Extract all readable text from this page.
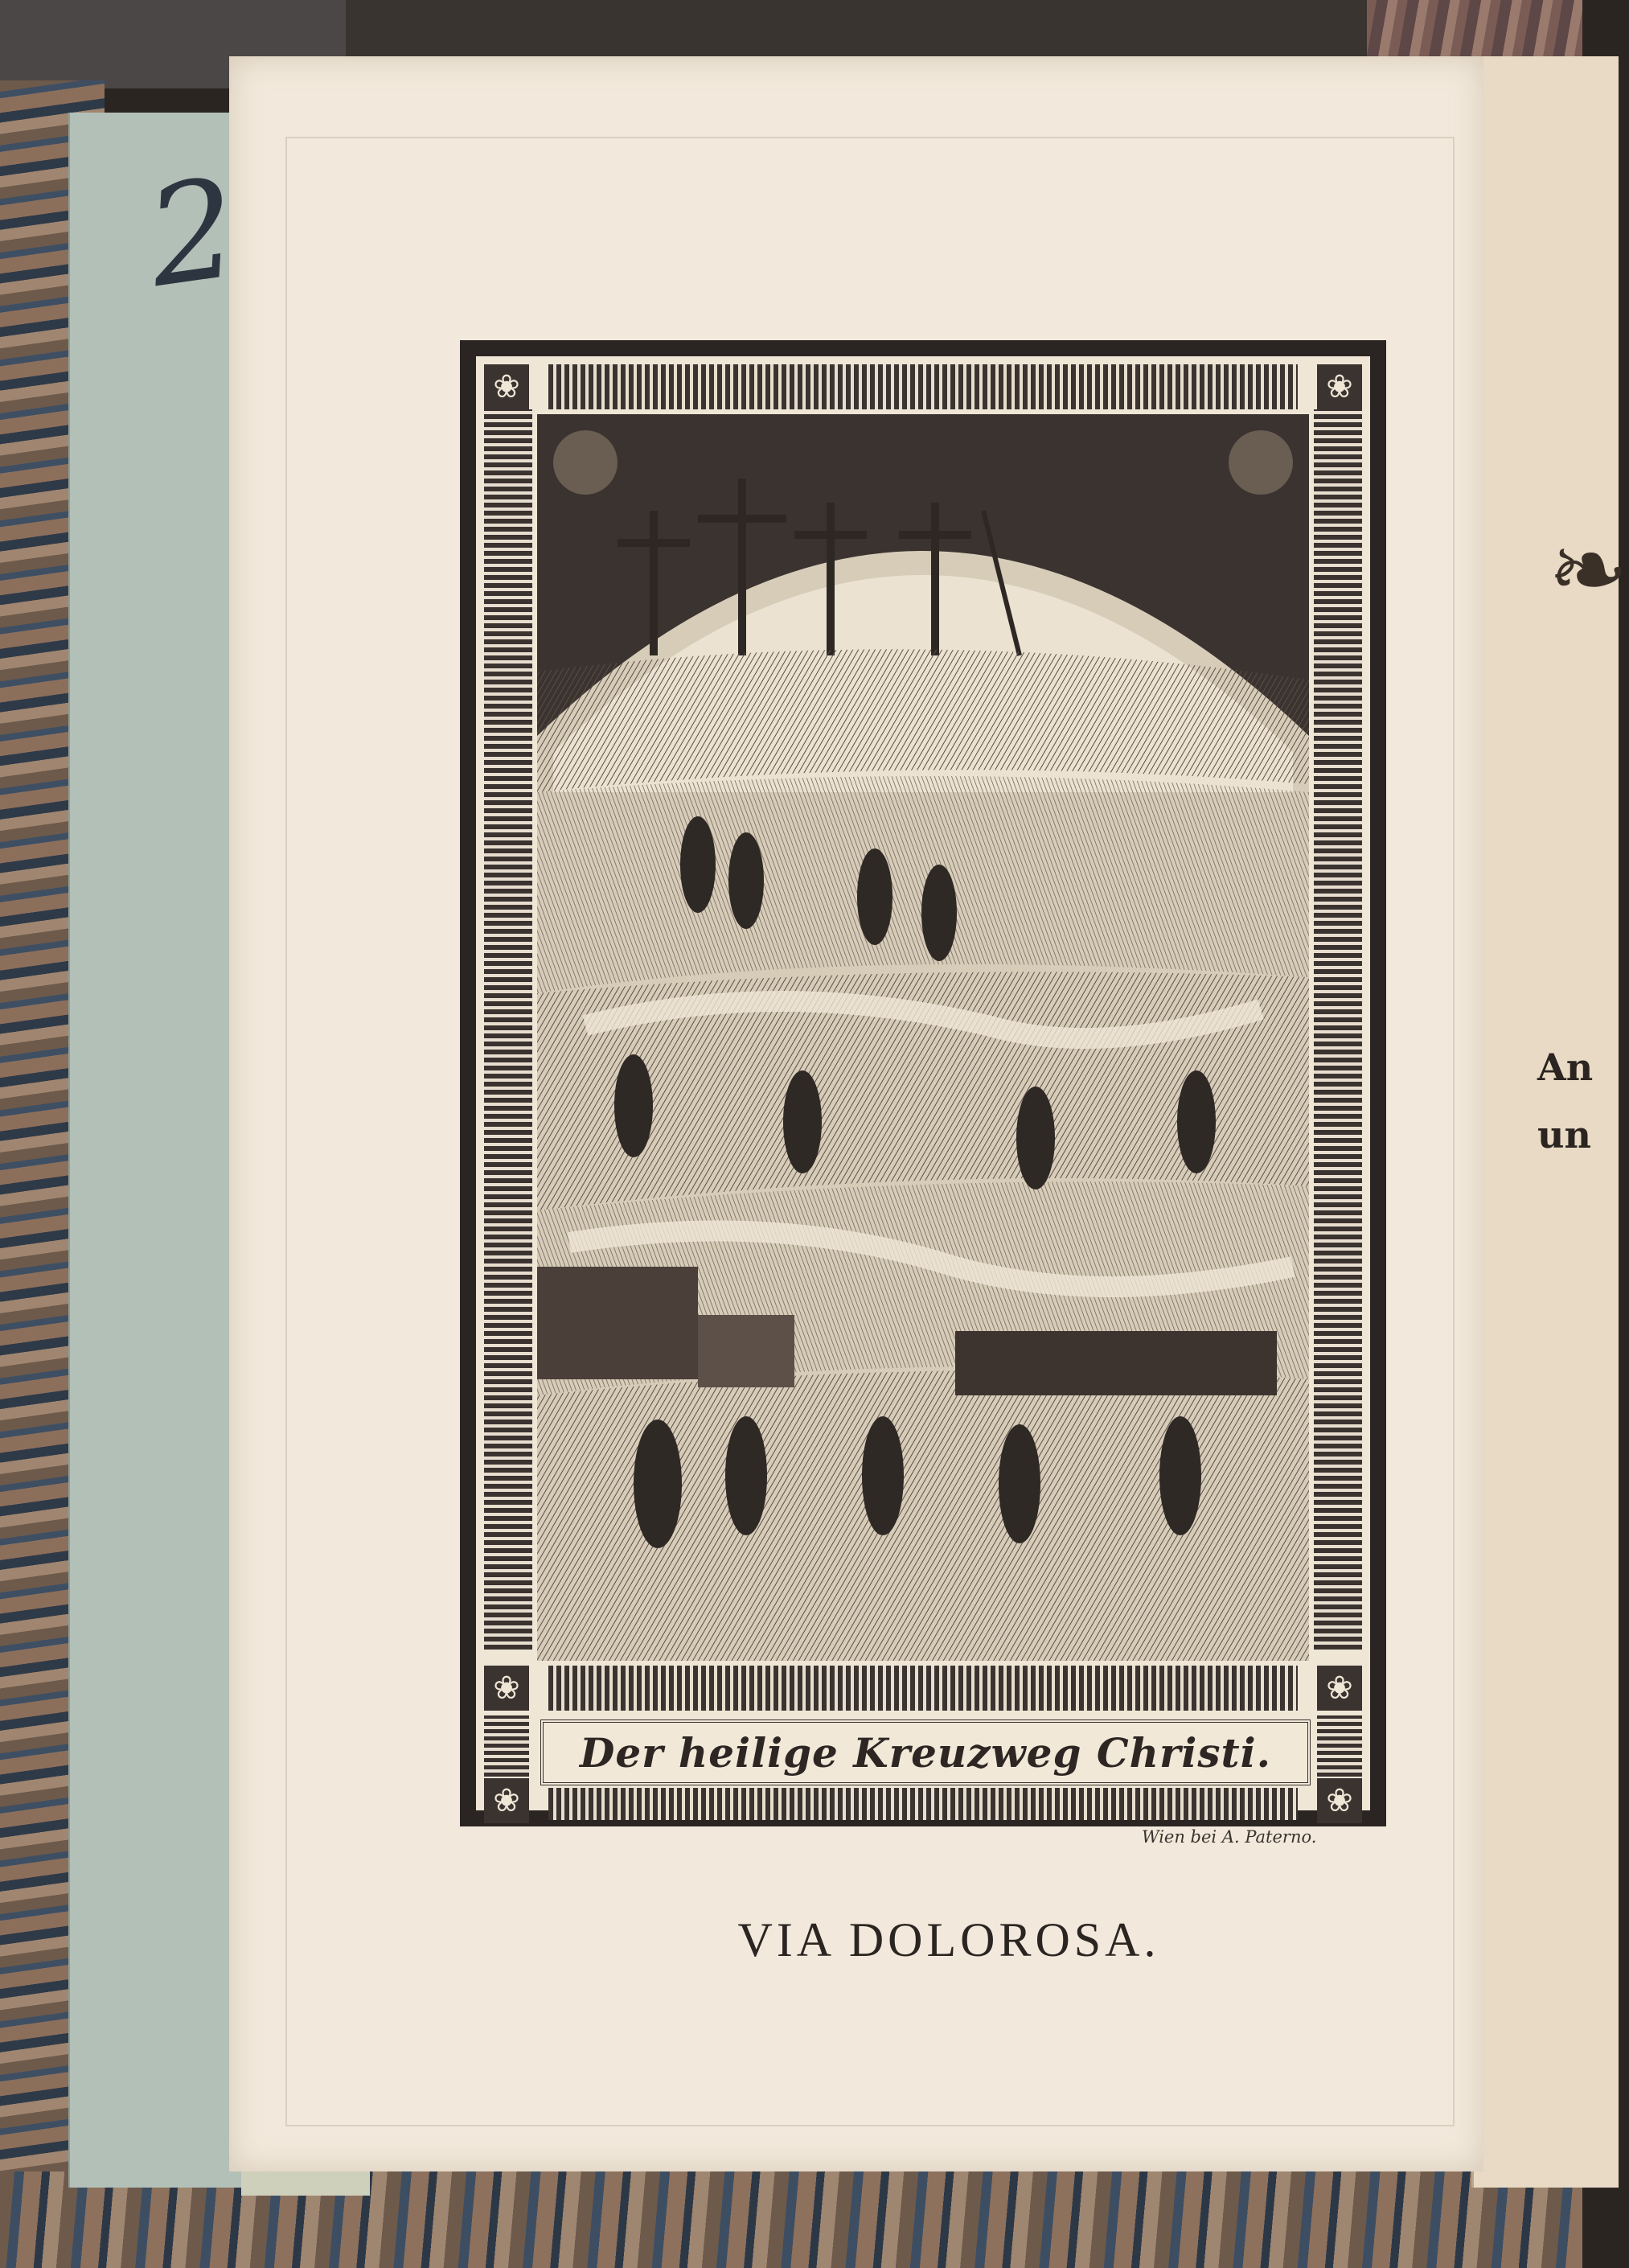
❧
An
un
❀	❀
❀	❀
❀	❀
Der heilige Kreuzweg Christi.
Wien bei A. Paterno.
VIA DOLOROSA.
